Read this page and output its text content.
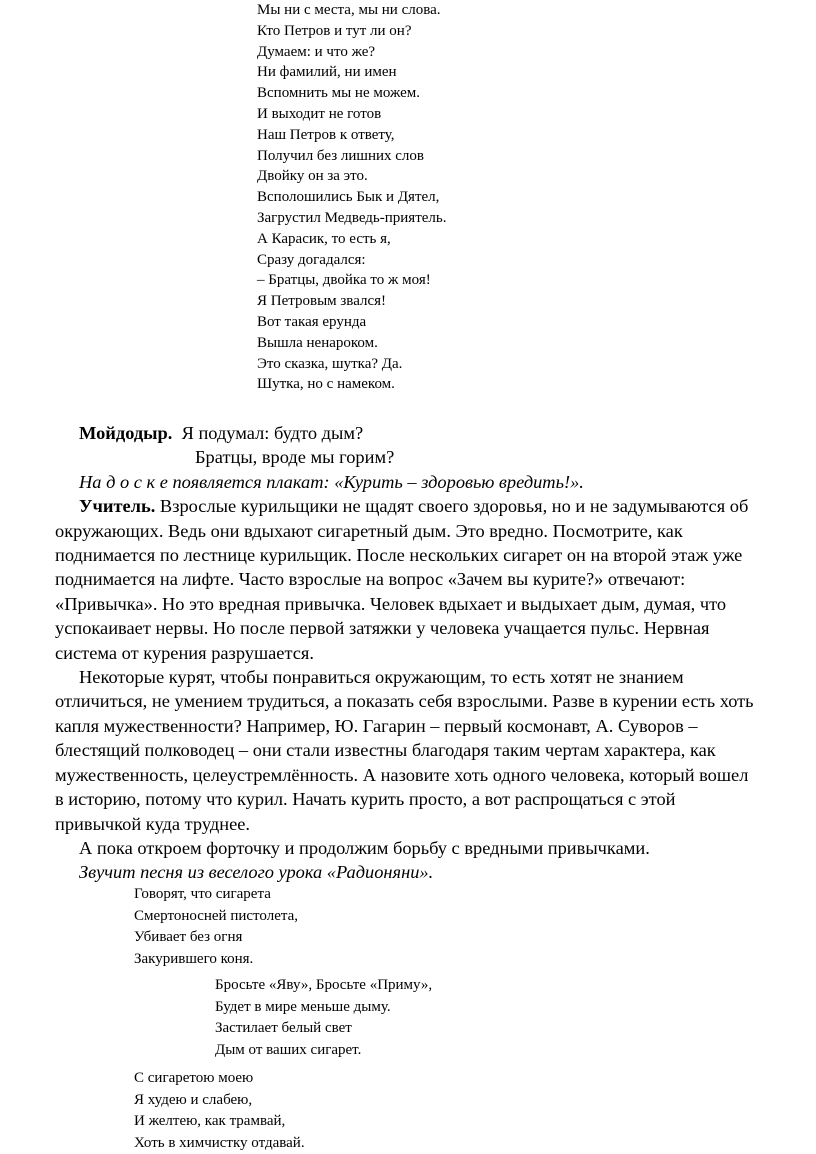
Мы ни с места, мы ни слова.
Кто Петров и тут ли он?
Думаем: и что же?
Ни фамилий, ни имен
Вспомнить мы не можем.
И выходит не готов
Наш Петров к ответу,
Получил без лишних слов
Двойку он за это.
Всполошились Бык и Дятел,
Загрустил Медведь-приятель.
А Карасик, то есть я,
Сразу догадался:
– Братцы, двойка то ж моя!
Я Петровым звался!
Вот такая ерунда
Вышла ненароком.
Это сказка, шутка? Да.
Шутка, но с намеком.

Мойдодыр. Я подумал: будто дым?

Братцы, вроде мы горим?

На д о с к е появляется плакат: «Курить – здоровью вредить!».

Учитель. Взрослые курильщики не щадят своего здоровья, но и не задумываются об окружающих. Ведь они вдыхают сигаретный дым. Это вредно. Посмотрите, как поднимается по лестнице курильщик. После нескольких сигарет он на второй этаж уже поднимается на лифте. Часто взрослые на вопрос «Зачем вы курите?» отвечают: «Привычка». Но это вредная привычка. Человек вдыхает и выдыхает дым, думая, что успокаивает нервы. Но после первой затяжки у человека учащается пульс. Нервная система от курения разрушается.

Некоторые курят, чтобы понравиться окружающим, то есть хотят не знанием отличиться, не умением трудиться, а показать себя взрослыми. Разве в курении есть хоть капля мужественности? Например, Ю. Гагарин – первый космонавт, А. Суворов – блестящий полководец – они стали известны благодаря таким чертам характера, как мужественность, целеустремлённость. А назовите хоть одного человека, который вошел в историю, потому что курил. Начать курить просто, а вот распрощаться с этой привычкой куда труднее.

А пока откроем форточку и продолжим борьбу с вредными привычками.

Звучит песня из веселого урока «Радионяни».

Говорят, что сигарета
Смертоносней пистолета,
Убивает без огня
Закурившего коня.
Бросьте «Яву», Бросьте «Приму»,
Будет в мире меньше дыму.
Застилает белый свет
Дым от ваших сигарет.
С сигаретою моею
Я худею и слабею,
И желтею, как трамвай,
Хоть в химчистку отдавай.
